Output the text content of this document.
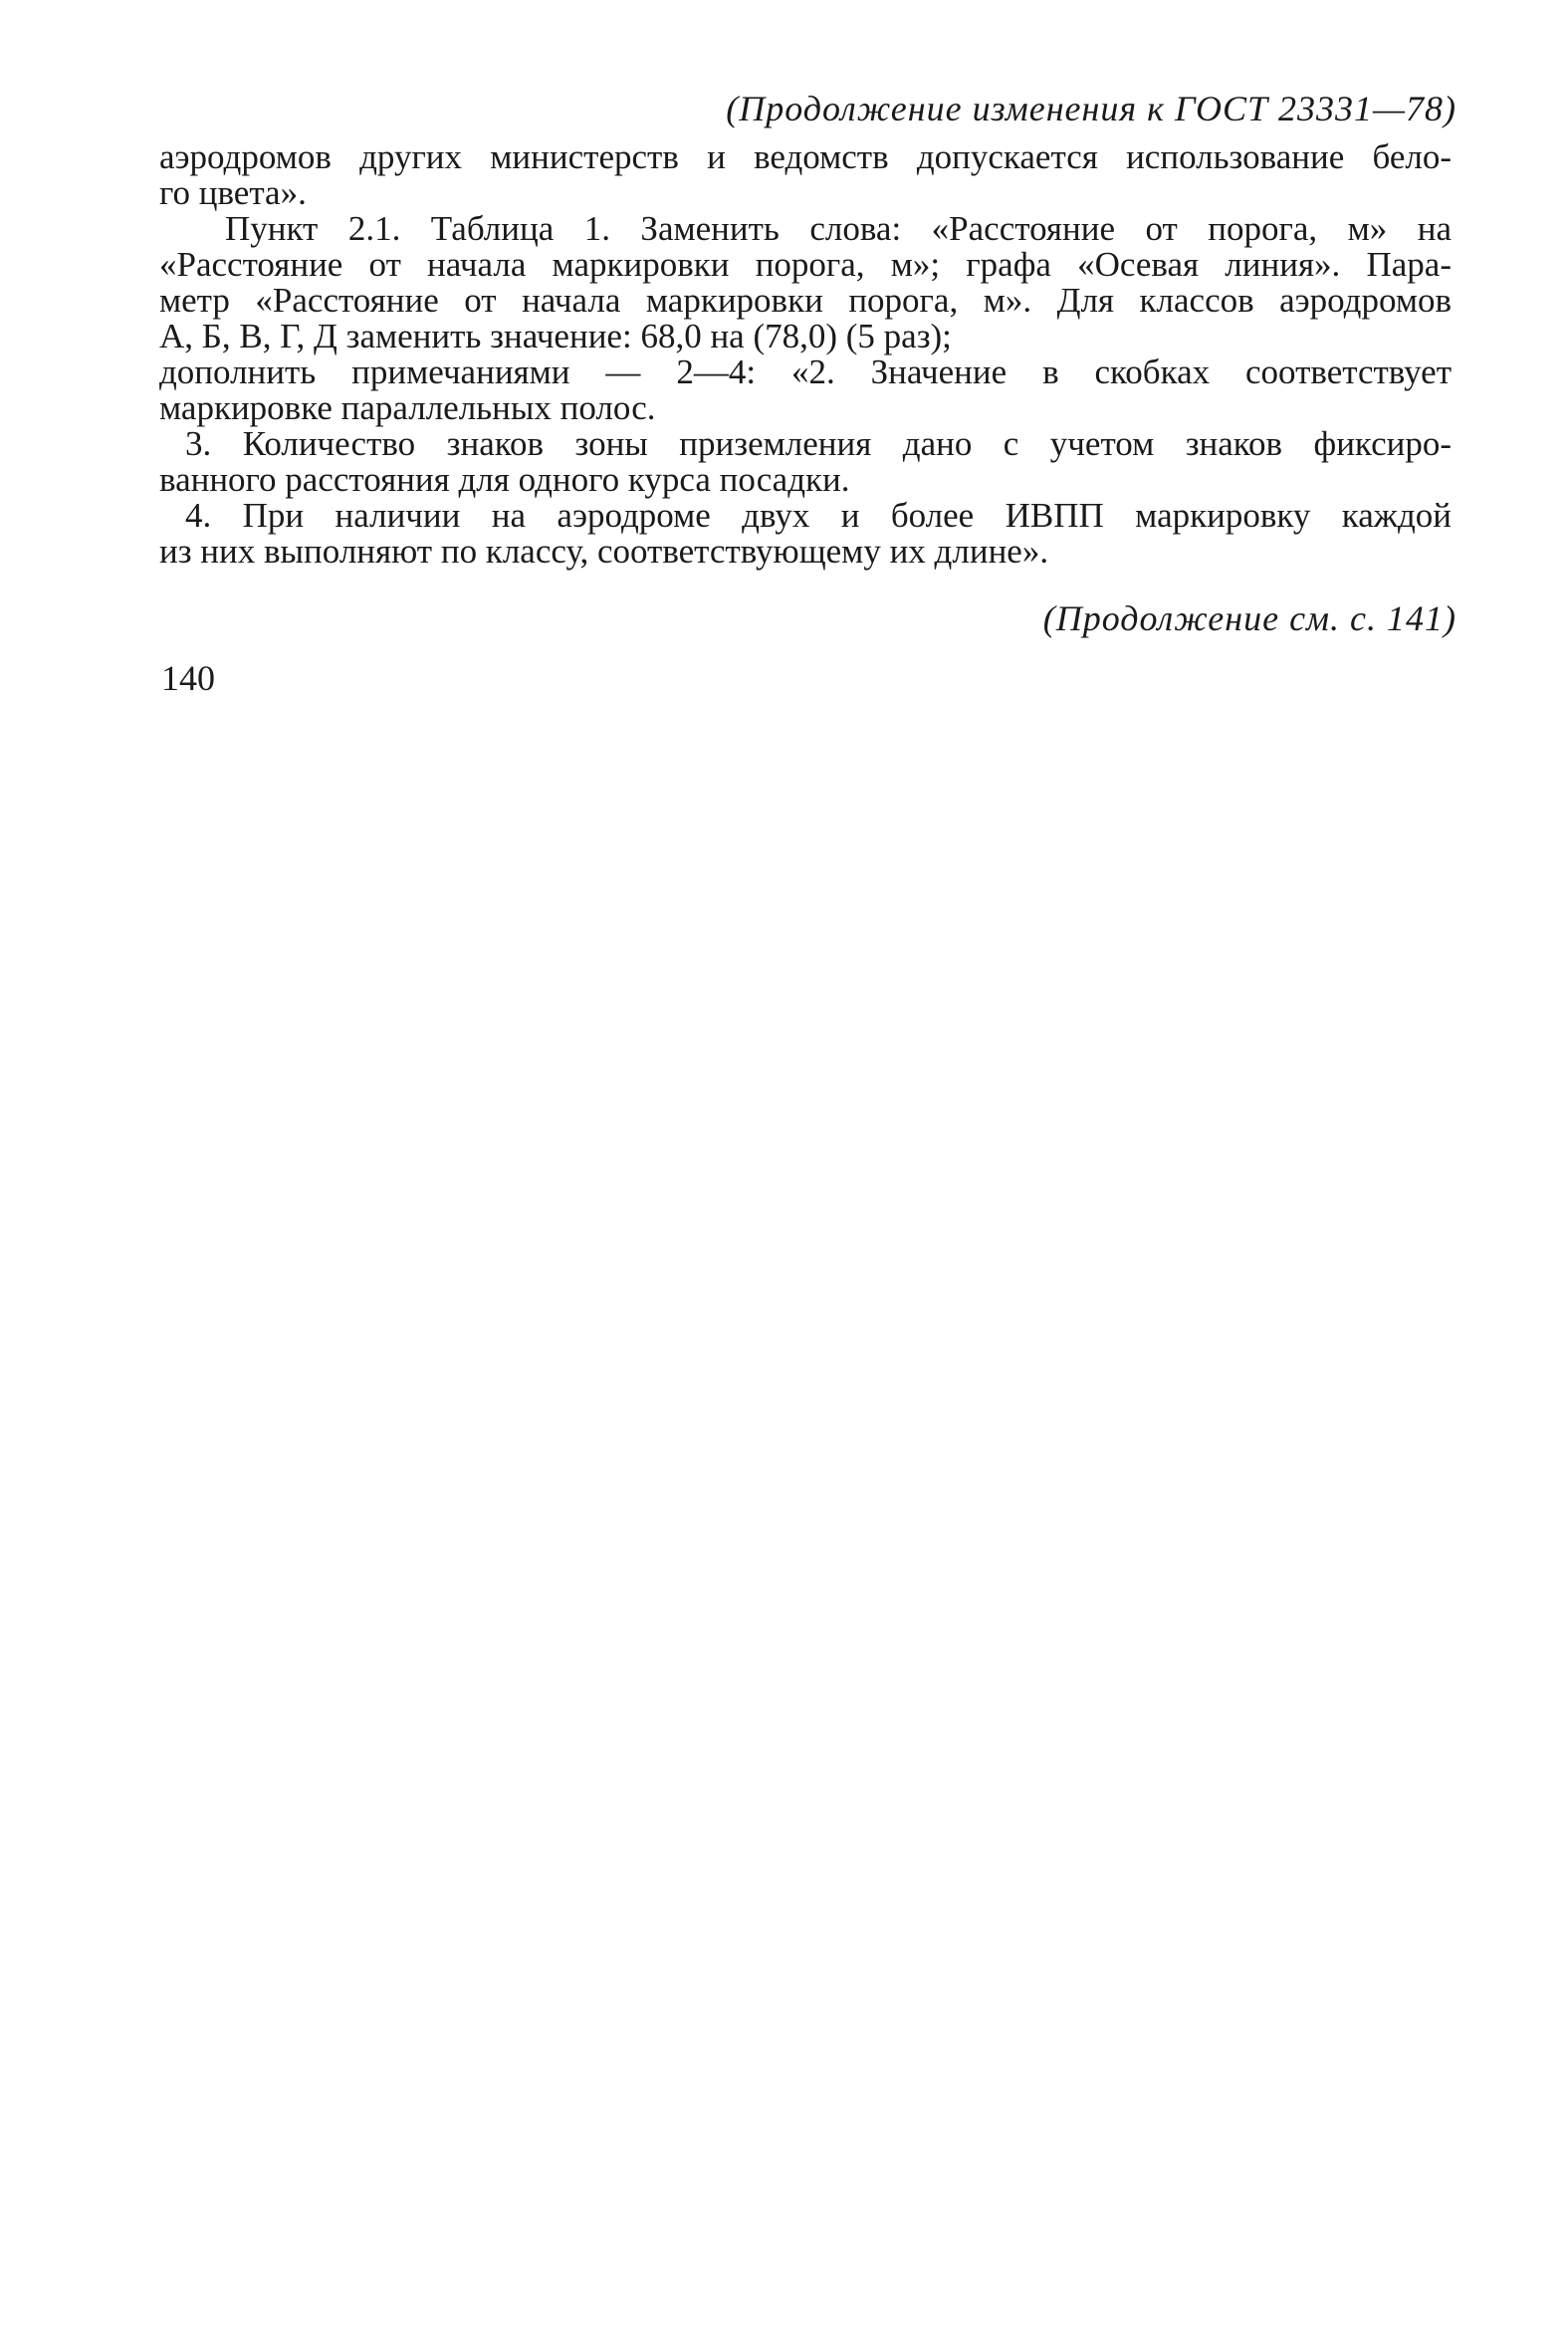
(Продолжение изменения к ГОСТ 23331—78)
аэродромов других министерств и ведомств допускается использование бело-
го цвета».
Пункт 2.1. Таблица 1. Заменить слова: «Расстояние от порога, м» на
«Расстояние от начала маркировки порога, м»; графа «Осевая линия». Пара-
метр «Расстояние от начала маркировки порога, м». Для классов аэродромов
А, Б, В, Г, Д заменить значение: 68,0 на (78,0) (5 раз);
дополнить примечаниями — 2—4: «2. Значение в скобках соответствует
маркировке параллельных полос.
3. Количество знаков зоны приземления дано с учетом знаков фиксиро-
ванного расстояния для одного курса посадки.
4. При наличии на аэродроме двух и более ИВПП маркировку каждой
из них выполняют по классу, соответствующему их длине».
(Продолжение см. с. 141)
140
